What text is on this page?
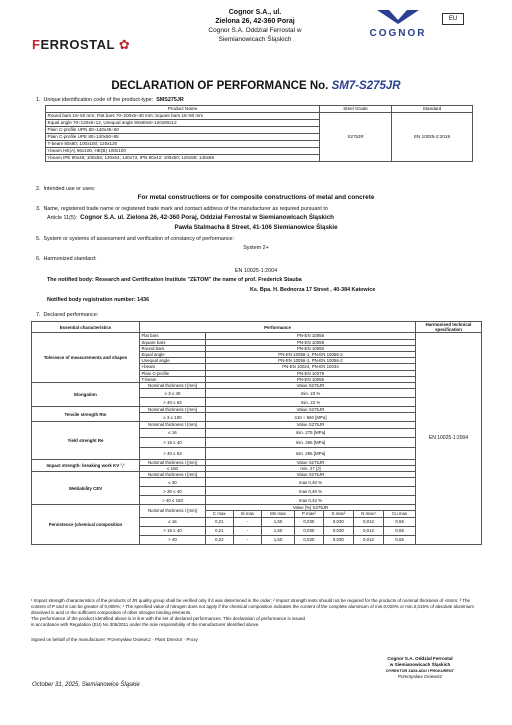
FERROSTAL ✿
Cognor S.A., ul.
Zielona 26, 42-360 Poraj
Cognor S.A. Oddział Ferrostal w
Siemianowicach Śląskich
COGNOR
EU
DECLARATION OF PERFORMANCE No. SM7-S275JR
1. Unique identification code of the product-type: SMS275JR
Product Name	Steel Grade	Standard
Round bars 16÷50 mm; Flat bars 70÷200x5÷40 mm; Square bars 16÷50 mm	S275JR	EN 10025-2:2019
Equal angle 70÷120x6÷12, Unequal angle 90x60x6÷120x80x12		
Plain C-profile UPN 80÷140x45÷60		
Plain C-profile UPE 80÷140x50÷65		
T-beam 80x80; 100x100; 120x120		
I-beam HE(A) 96x100, HE(B) 100x100		
I-beam IPE 80x46; 100x55; 120x64; 140x73, IPN 80x42; 100x50; 120x58; 140x66		
2. Intended use or uses:
For metal constructions or for composite constructions of metal and concrete
3. Name, registered trade name or registered trade mark and contact address of the manufacturer as required pursuant to
Article 11(5): Cognor S.A. ul. Zielona 26, 42-360 Poraj, Oddział Ferrostal w Siemianowicach Śląskich
Pawła Stalmacha 8 Street, 41-106 Siemianowice Śląskie
5. System or systems of assessment and verification of constancy of performance:
System 2+
6. Harmonized standard:
EN 10025-1:2004
The notified body: Research and Certification Institute "ZETOM" the name of prof. Frederick Stauba
Ks. Bpa. H. Bednorza 17 Street , 40-384 Katowice
Notified body registration number: 1436
7. Declared performance:
Essential characteristics	Performance								Harmonised technical specification
Tolerance of measurements and shapes	Flat bars	PN-EN 10058							EN 10025-1:2004
	Square bars	PN-EN 10059							
	Round bars	PN-EN 10060							
	Equal angle	PN-EN 10056-1, PN-EN 10056-2							
	Unequal angle	PN-EN 10056-1, PN-EN 10056-2							
	I-beam	PN-EN 10024, PN-EN 10034							
	Plain C-profile	PN-EN 10279							
	T-beam	PN-EN 10055							
Elongation	Nominal thickness t [mm]	Value S275JR							
	≥ 3 ≤ 40	min. 23 %							
	> 40 ≤ 63	min. 22 %							
Tensile strength Rm	Nominal thickness t [mm]	Value S275JR							
	≥ 3 ≤ 100	410 ÷ 560 [MPa]							
Yield strenght Re	Nominal thickness t [mm]	Value S275JR							
	≤ 16	min. 275 [MPa]							
	> 16 ≤ 40	min. 265 [MPa]							
	> 40 ≤ 63	min. 255 [MPa]							
Impact strength- breaking work KV ¹,³	Nominal thickness t [mm]	Value S275JR							
	≤ 150	min. 27 [J]							
Weldability CEV	Nominal thickness t [mm]	Value S275JR							
	≤ 30	max 0,40 %							
	> 30 ≤ 40	max 0,40 %							
	> 40 ≤ 150	max 0,42 %							
Persistence (chemical composition	Nominal thickness t [mm]	Value [%] S275JR							
		C max	Si max	Mn max	P max²	S max²	N max⁴	Cu max	
	≤ 16	0,21	-	1,50	0,030	0,030	0,012	0,55	
	> 16 ≤ 40	0,21	-	1,50	0,030	0,030	0,012	0,55	
	> 40	0,22	-	1,50	0,030	0,030	0,012	0,55	
¹ Impact strength characteristics of the products of JR quality group shall be verified only if it was determined in the order; ² Impact strength tests should not be required for the products of nominal thickness of <6mm; ³ The content of P and S can be greater of 0,005%; ⁴ The specified value of nitrogen does not apply if the chemical composition indicates the content of the complete aluminium of min.0,020% or min.0,015% of absolute aluminium dissolved in acid or the sufficient composition of other nitrogen binding elements.
The performance of the product identified above is in line with the set of declared performances. This declaration of performance is issued
in accordance with Regulation (EU) No 305/2011 under the sole responsibility of the manufacturer identified above.
Signed on behalf of the manufacturer: Przemysław Osiewicz · Plant Director · Proxy
Cognor S.A. Oddział Ferrostal
w Siemianowicach Śląskich
DYREKTOR ZAKŁADU I PROKURENT
Przemysław Osiewicz
October 31, 2025, Siemianowice Śląskie
